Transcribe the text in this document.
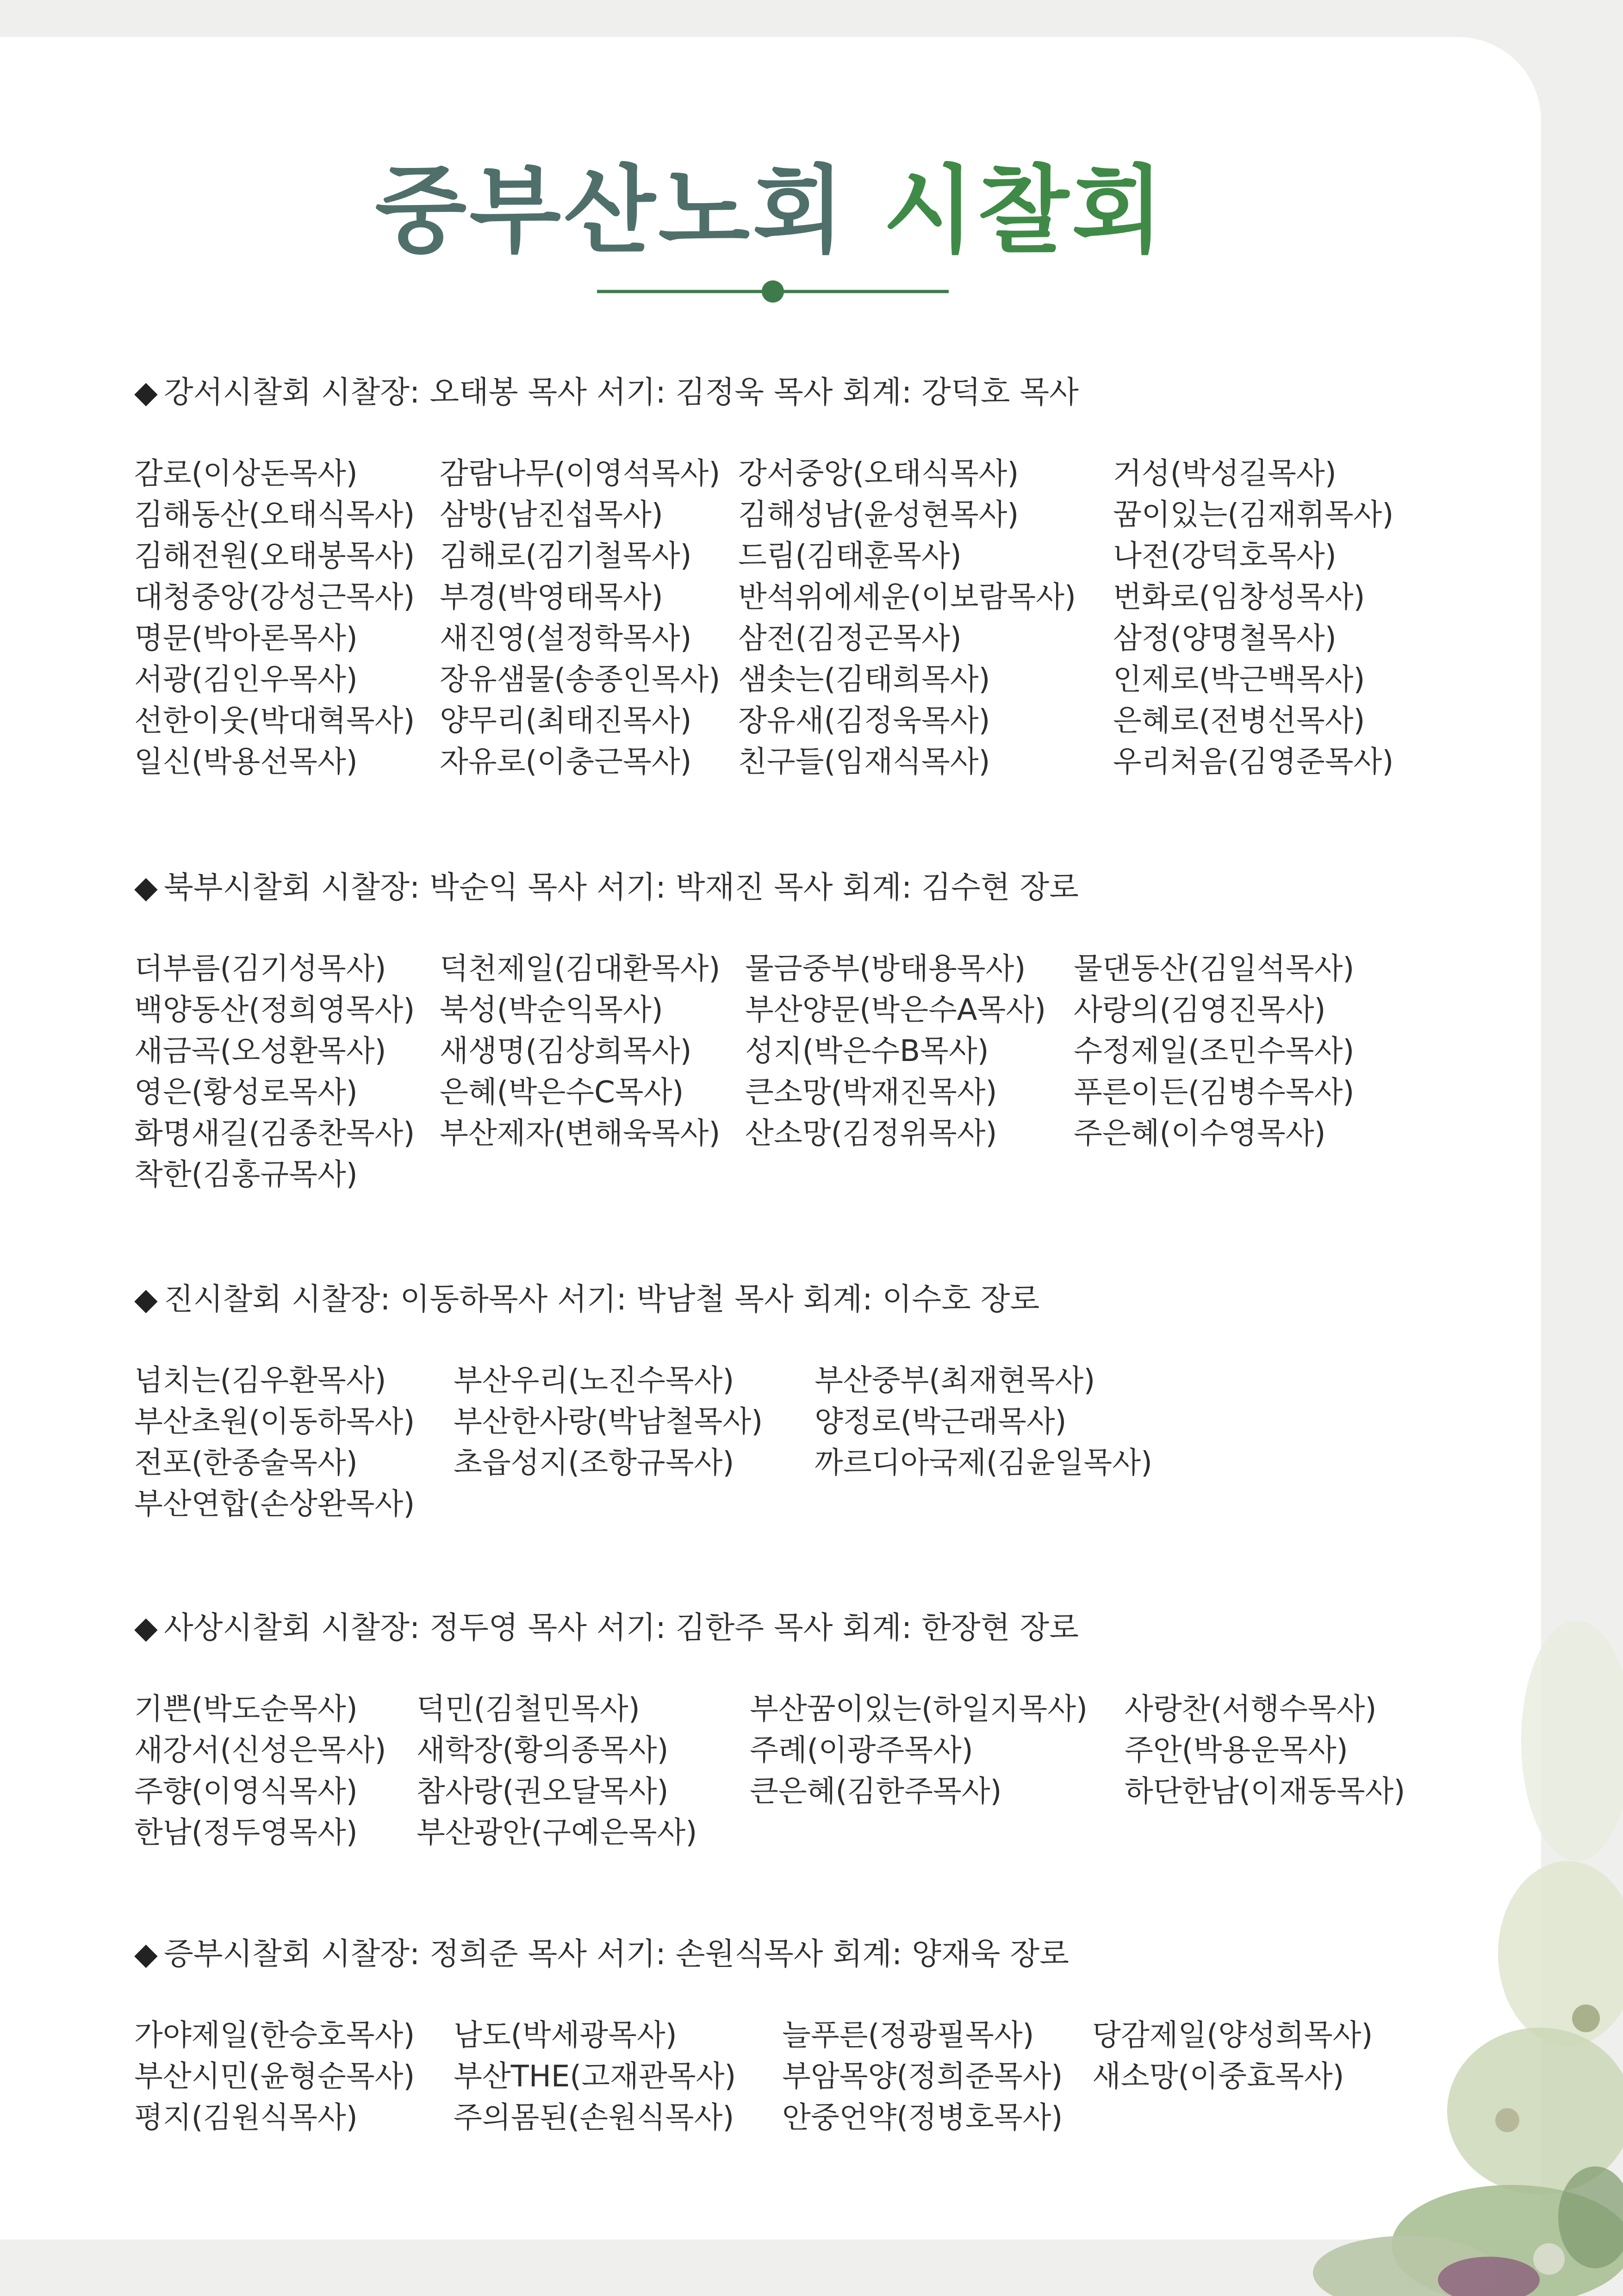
중부산노회 시찰회
◆ 강서시찰회 시찰장: 오태봉 목사 서기: 김정욱 목사 회계: 강덕호 목사
감로(이상돈목사)	감람나무(이영석목사) 강서중앙(오태식목사)	거성(박성길목사)
김해동산(오태식목사) 삼방(남진섭목사)	김해성남(윤성현목사)	꿈이있는(김재휘목사)
김해전원(오태봉목사) 김해로(김기철목사)	드림(김태훈목사)	나전(강덕호목사)
대청중앙(강성근목사) 부경(박영태목사)	반석위에세운(이보람목사)	번화로(임창성목사)
명문(박아론목사)	새진영(설정학목사)	삼전(김정곤목사)	삼정(양명철목사)
서광(김인우목사)	장유샘물(송종인목사) 샘솟는(김태희목사)	인제로(박근백목사)
선한이웃(박대혁목사) 양무리(최태진목사)	장유새(김정욱목사)	은혜로(전병선목사)
일신(박용선목사)	자유로(이충근목사)	친구들(임재식목사)	우리처음(김영준목사)
◆ 북부시찰회 시찰장: 박순익 목사 서기: 박재진 목사 회계: 김수현 장로
더부름(김기성목사)	덕천제일(김대환목사) 물금중부(방태용목사)	물댄동산(김일석목사)
백양동산(정희영목사) 북성(박순익목사)	부산양문(박은수A목사) 사랑의(김영진목사)
새금곡(오성환목사)	새생명(김상희목사)	성지(박은수B목사)	수정제일(조민수목사)
영은(황성로목사)	은혜(박은수C목사)	큰소망(박재진목사)	푸른이든(김병수목사)
화명새길(김종찬목사) 부산제자(변해욱목사) 산소망(김정위목사)	주은혜(이수영목사)
착한(김홍규목사)
◆ 진시찰회 시찰장: 이동하목사 서기: 박남철 목사 회계: 이수호 장로
넘치는(김우환목사)	부산우리(노진수목사)	부산중부(최재현목사)
부산초원(이동하목사)	부산한사랑(박남철목사)	양정로(박근래목사)
전포(한종술목사)	초읍성지(조항규목사)	까르디아국제(김윤일목사)
부산연합(손상완목사)
◆ 사상시찰회 시찰장: 정두영 목사 서기: 김한주 목사 회계: 한장현 장로
기쁜(박도순목사)	덕민(김철민목사)	부산꿈이있는(하일지목사)	사랑찬(서행수목사)
새강서(신성은목사)	새학장(황의종목사)	주례(이광주목사)	주안(박용운목사)
주향(이영식목사)	참사랑(권오달목사)	큰은혜(김한주목사)	하단한남(이재동목사)
한남(정두영목사)	부산광안(구예은목사)
◆ 증부시찰회 시찰장: 정희준 목사 서기: 손원식목사 회계: 양재욱 장로
가야제일(한승호목사)	남도(박세광목사)	늘푸른(정광필목사)	당감제일(양성희목사)
부산시민(윤형순목사)	부산THE(고재관목사)	부암목양(정희준목사) 새소망(이중효목사)
평지(김원식목사)	주의몸된(손원식목사)	안중언약(정병호목사)
